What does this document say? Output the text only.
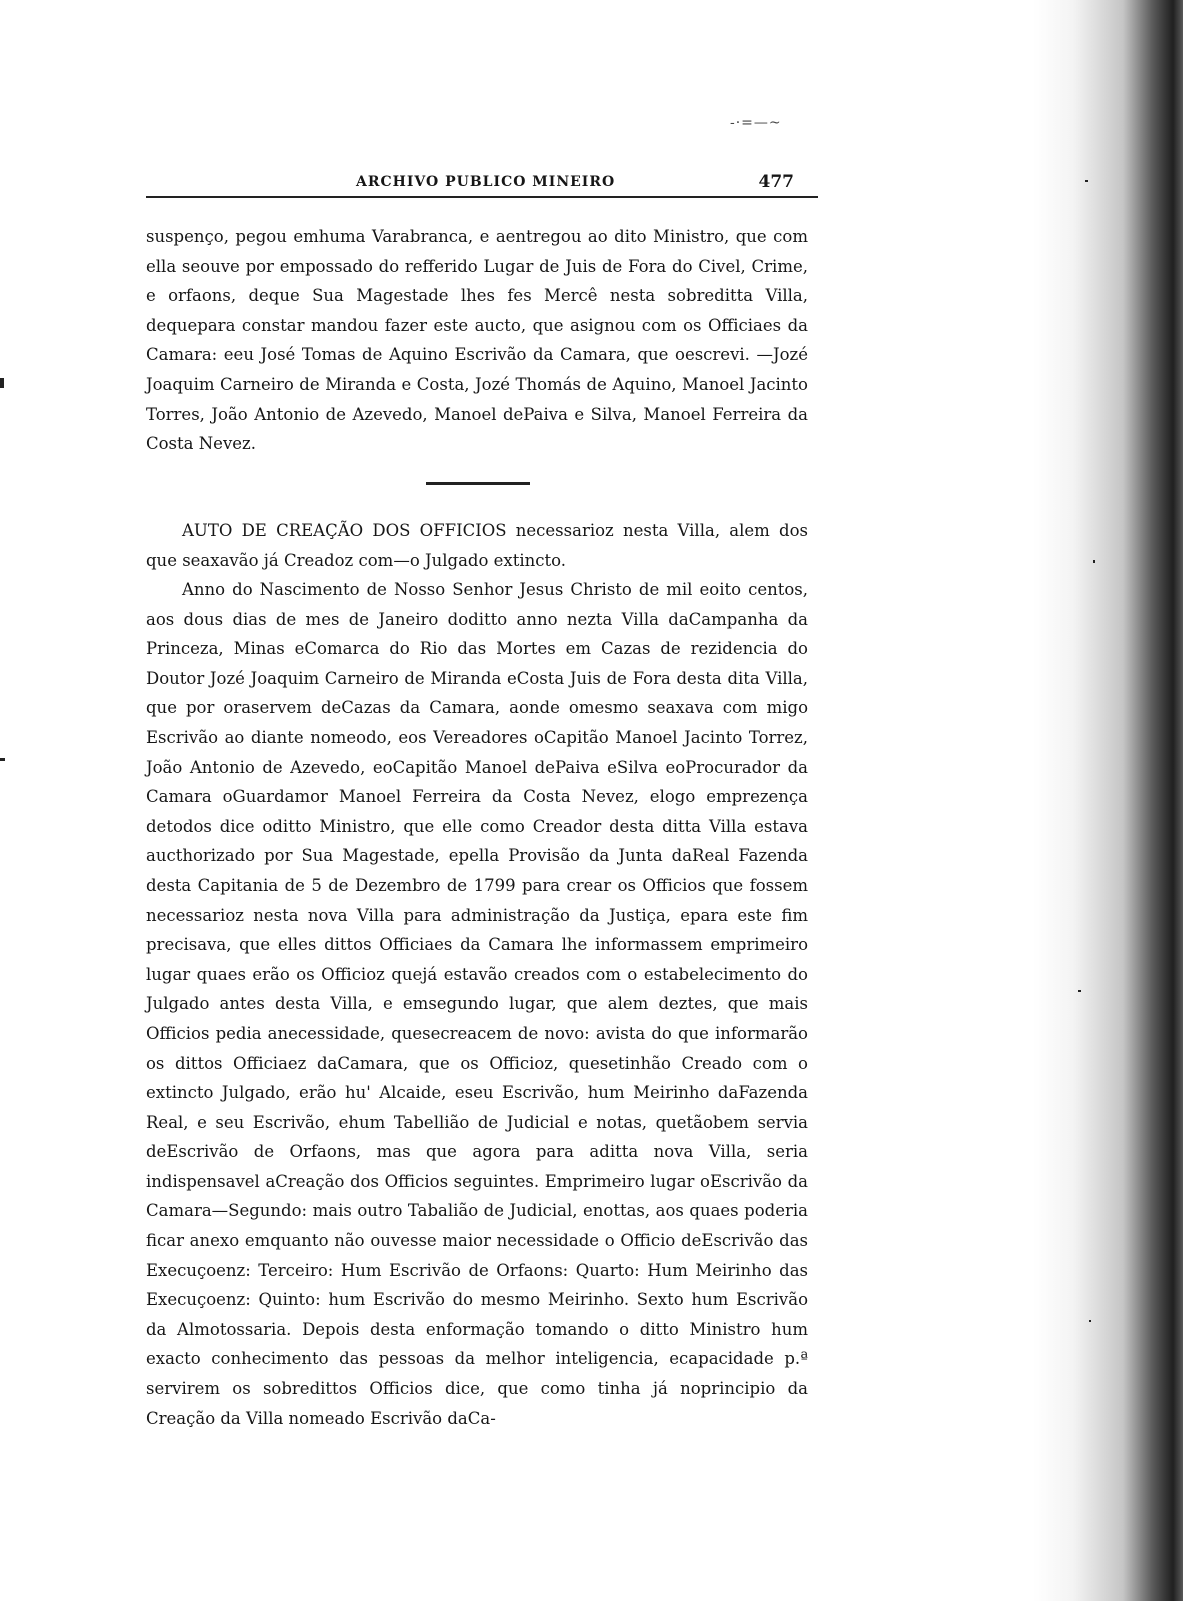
-·=—~
ARCHIVO PUBLICO MINEIRO	477
suspenço, pegou emhuma Varabranca, e aentregou ao dito Ministro, que com ella seouve por empossado do refferido Lugar de Juis de Fora do Civel, Crime, e orfaons, deque Sua Magestade lhes fes Mercê nesta sobreditta Villa, dequepara constar mandou fazer este aucto, que asignou com os Officiaes da Camara: eeu José Tomas de Aquino Escrivão da Camara, que oescrevi. —Jozé Joaquim Carneiro de Miranda e Costa, Jozé Thomás de Aquino, Manoel Jacinto Torres, João Antonio de Azevedo, Manoel dePaiva e Silva, Manoel Ferreira da Costa Nevez.
AUTO DE CREAÇÃO DOS OFFICIOS necessarioz nesta Villa, alem dos que seaxavão já Creadoz com—o Julgado extincto.
Anno do Nascimento de Nosso Senhor Jesus Christo de mil eoito centos, aos dous dias de mes de Janeiro doditto anno nezta Villa daCampanha da Princeza, Minas eComarca do Rio das Mortes em Cazas de rezidencia do Doutor Jozé Joaquim Carneiro de Miranda eCosta Juis de Fora desta dita Villa, que por oraservem deCazas da Camara, aonde omesmo seaxava com migo Escrivão ao diante nomeodo, eos Vereadores oCapitão Manoel Jacinto Torrez, João Antonio de Azevedo, eoCapitão Manoel dePaiva eSilva eoProcurador da Camara oGuardamor Manoel Ferreira da Costa Nevez, elogo emprezença detodos dice oditto Ministro, que elle como Creador desta ditta Villa estava aucthorizado por Sua Magestade, epella Provisão da Junta daReal Fazenda desta Capitania de 5 de Dezembro de 1799 para crear os Officios que fossem necessarioz nesta nova Villa para administração da Justiça, epara este fim precisava, que elles dittos Officiaes da Camara lhe informassem emprimeiro lugar quaes erão os Officioz quejá estavão creados com o estabelecimento do Julgado antes desta Villa, e emsegundo lugar, que alem deztes, que mais Officios pedia anecessidade, quesecreacem de novo: avista do que informarão os dittos Officiaez daCamara, que os Officioz, quesetinhão Creado com o extincto Julgado, erão hu' Alcaide, eseu Escrivão, hum Meirinho daFazenda Real, e seu Escrivão, ehum Tabellião de Judicial e notas, quetãobem servia deEscrivão de Orfaons, mas que agora para aditta nova Villa, seria indispensavel aCreação dos Officios seguintes. Emprimeiro lugar oEscrivão da Camara—Segundo: mais outro Tabalião de Judicial, enottas, aos quaes poderia ficar anexo emquanto não ouvesse maior necessidade o Officio deEscrivão das Execuçoenz: Terceiro: Hum Escrivão de Orfaons: Quarto: Hum Meirinho das Execuçoenz: Quinto: hum Escrivão do mesmo Meirinho. Sexto hum Escrivão da Almotossaria. Depois desta enformação tomando o ditto Ministro hum exacto conhecimento das pessoas da melhor inteligencia, ecapacidade p.ª servirem os sobredittos Officios dice, que como tinha já noprincipio da Creação da Villa nomeado Escrivão daCa-
